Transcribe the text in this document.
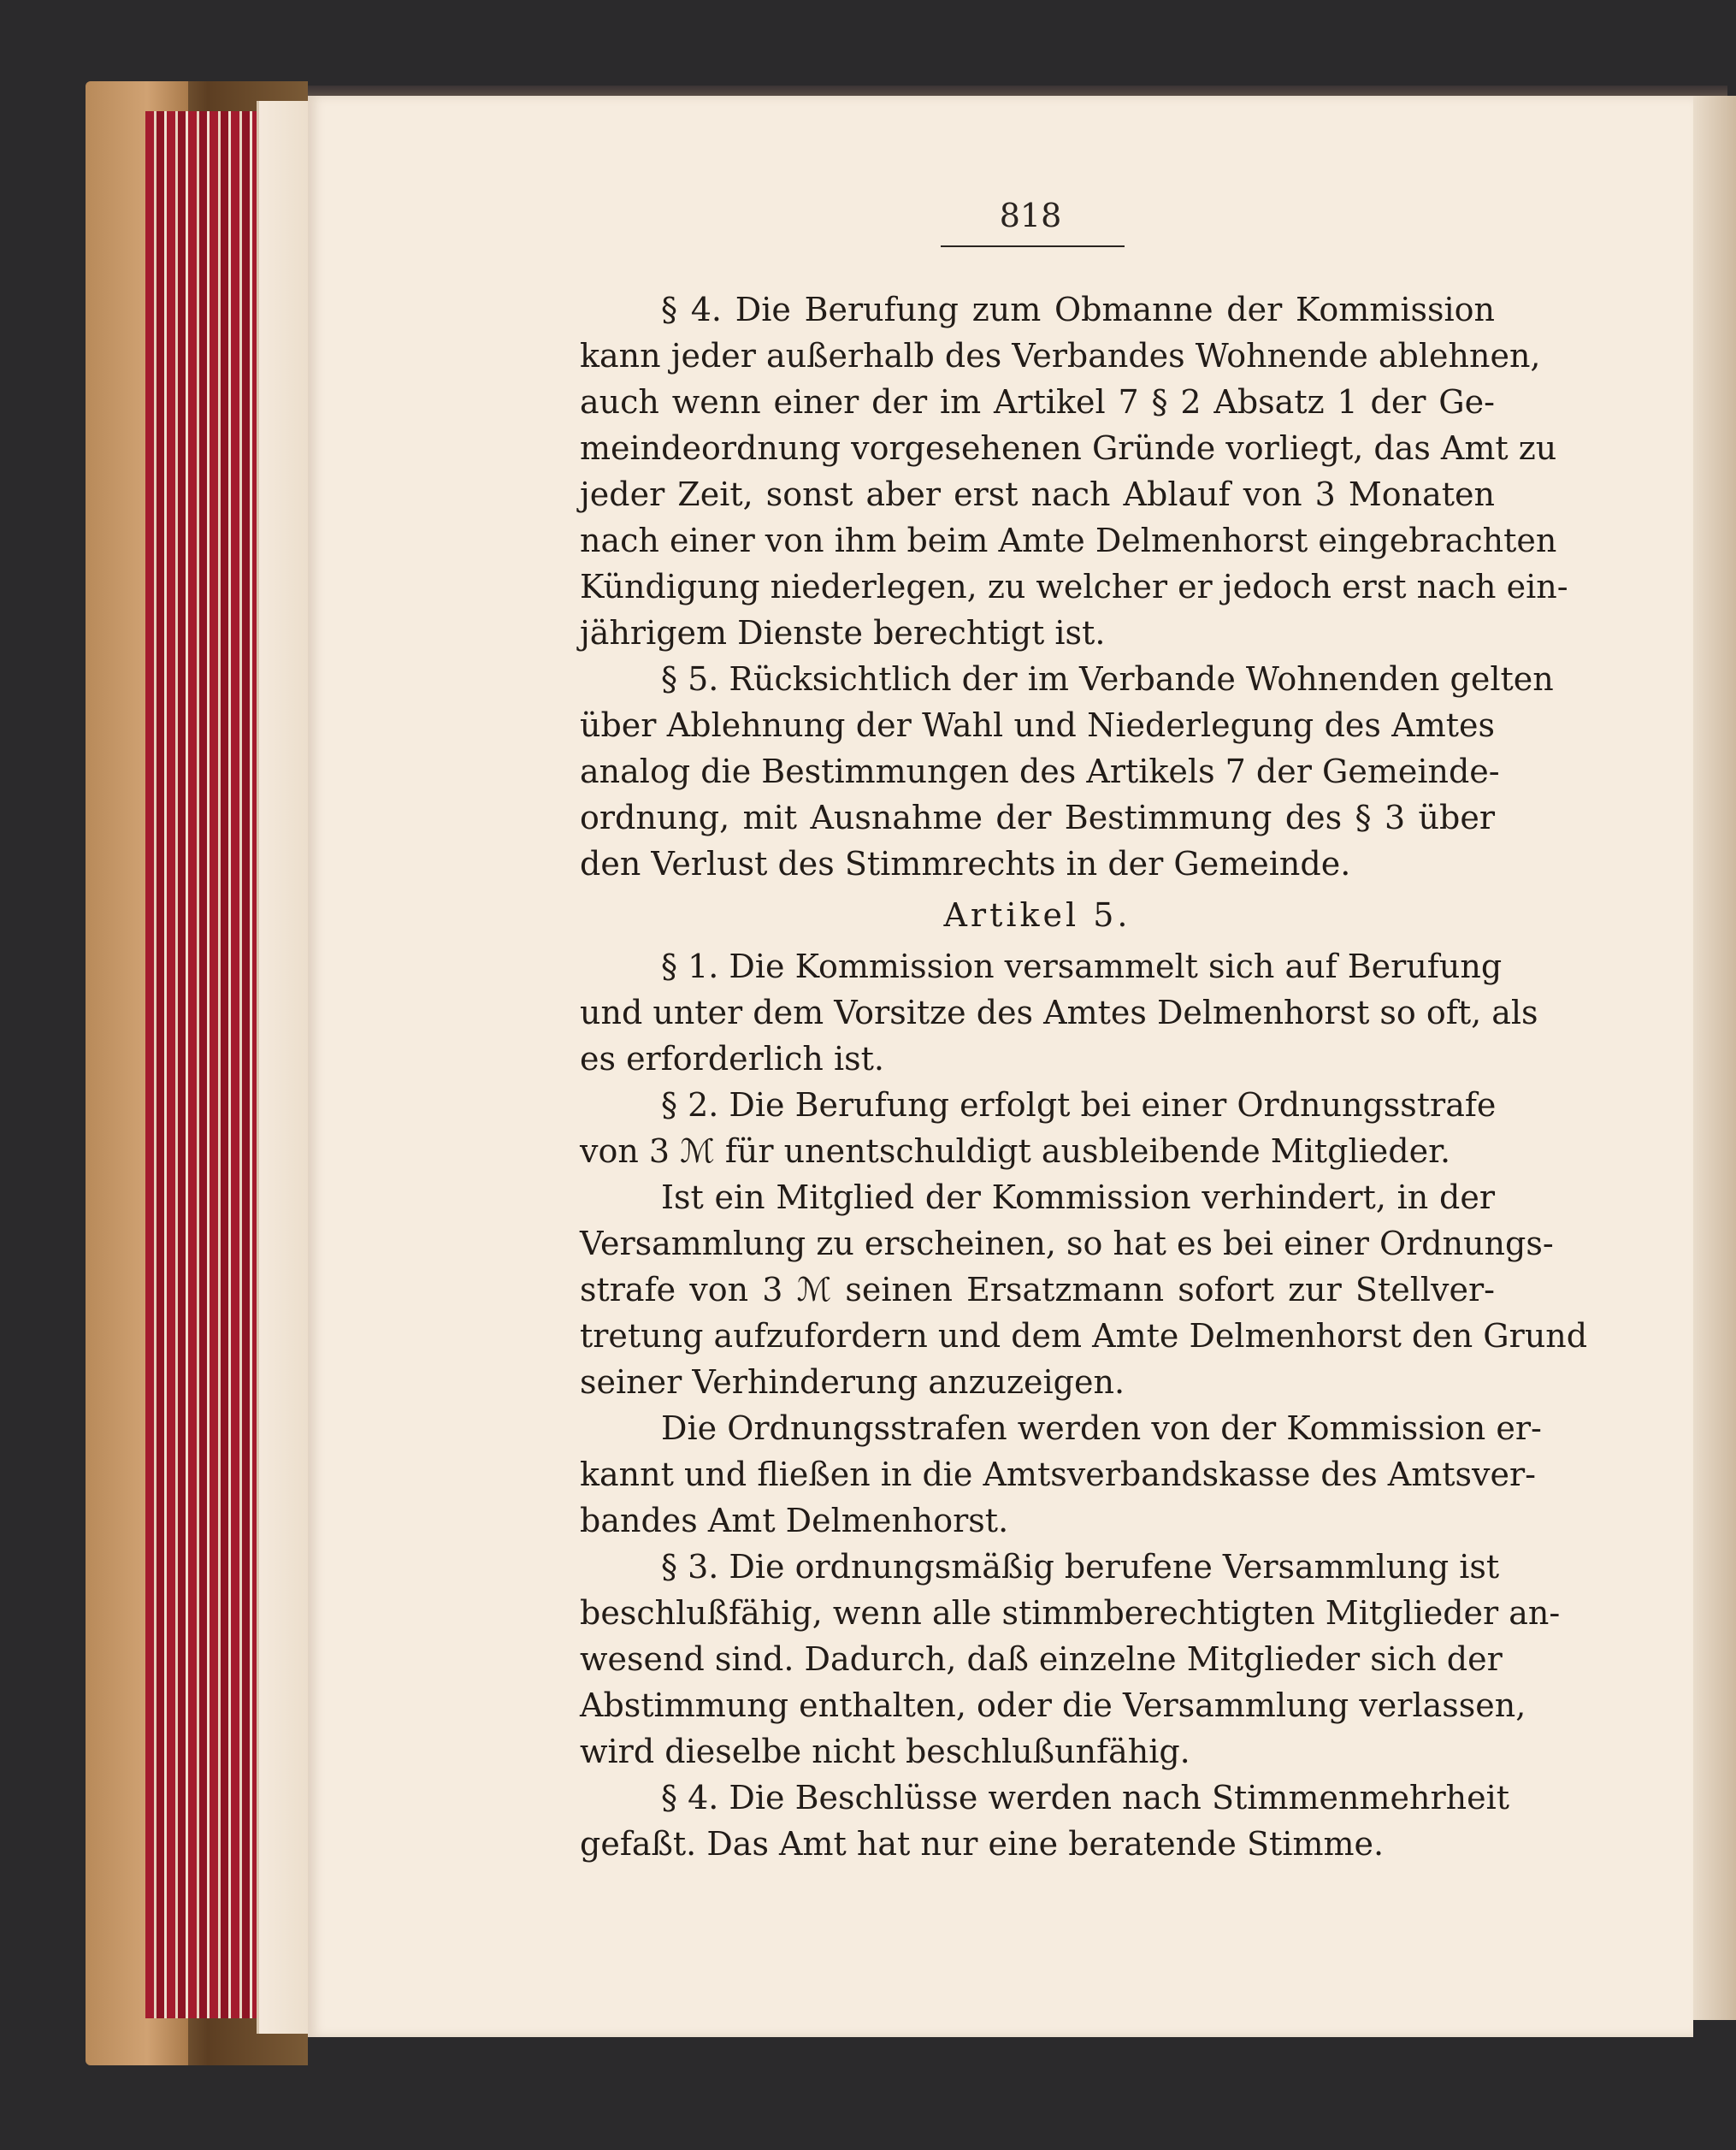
818
§ 4. Die Berufung zum Obmanne der Kommission
kann jeder außerhalb des Verbandes Wohnende ablehnen,
auch wenn einer der im Artikel 7 § 2 Absatz 1 der Ge-
meindeordnung vorgesehenen Gründe vorliegt, das Amt zu
jeder Zeit, sonst aber erst nach Ablauf von 3 Monaten
nach einer von ihm beim Amte Delmenhorst eingebrachten
Kündigung niederlegen, zu welcher er jedoch erst nach ein-
jährigem Dienste berechtigt ist.
§ 5. Rücksichtlich der im Verbande Wohnenden gelten
über Ablehnung der Wahl und Niederlegung des Amtes
analog die Bestimmungen des Artikels 7 der Gemeinde-
ordnung, mit Ausnahme der Bestimmung des § 3 über
den Verlust des Stimmrechts in der Gemeinde.
Artikel 5.
§ 1. Die Kommission versammelt sich auf Berufung
und unter dem Vorsitze des Amtes Delmenhorst so oft, als
es erforderlich ist.
§ 2. Die Berufung erfolgt bei einer Ordnungsstrafe
von 3 ℳ für unentschuldigt ausbleibende Mitglieder.
Ist ein Mitglied der Kommission verhindert, in der
Versammlung zu erscheinen, so hat es bei einer Ordnungs-
strafe von 3 ℳ seinen Ersatzmann sofort zur Stellver-
tretung aufzufordern und dem Amte Delmenhorst den Grund
seiner Verhinderung anzuzeigen.
Die Ordnungsstrafen werden von der Kommission er-
kannt und fließen in die Amtsverbandskasse des Amtsver-
bandes Amt Delmenhorst.
§ 3. Die ordnungsmäßig berufene Versammlung ist
beschlußfähig, wenn alle stimmberechtigten Mitglieder an-
wesend sind. Dadurch, daß einzelne Mitglieder sich der
Abstimmung enthalten, oder die Versammlung verlassen,
wird dieselbe nicht beschlußunfähig.
§ 4. Die Beschlüsse werden nach Stimmenmehrheit
gefaßt. Das Amt hat nur eine beratende Stimme.
